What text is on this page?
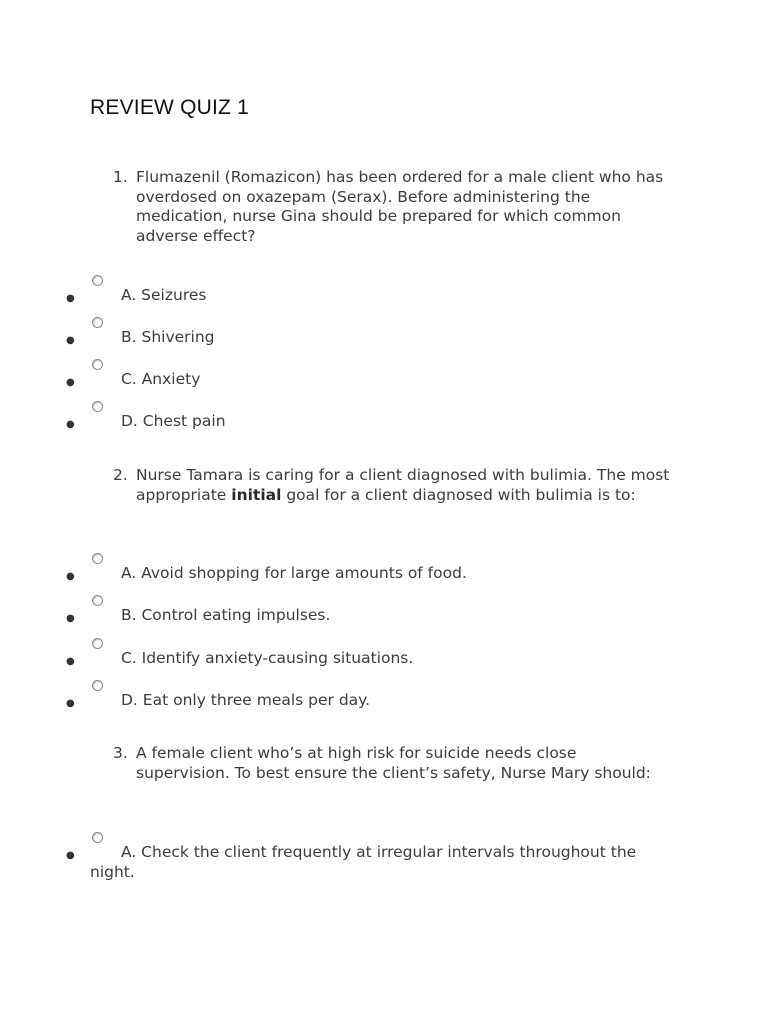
REVIEW QUIZ 1
1. Flumazenil (Romazicon) has been ordered for a male client who has overdosed on oxazepam (Serax). Before administering the medication, nurse Gina should be prepared for which common adverse effect?
●	A. Seizures
●	B. Shivering
●	C. Anxiety
●	D. Chest pain
2. Nurse Tamara is caring for a client diagnosed with bulimia. The most appropriate initial goal for a client diagnosed with bulimia is to:
●	A. Avoid shopping for large amounts of food.
●	B. Control eating impulses.
●	C. Identify anxiety-causing situations.
●	D. Eat only three meals per day.
3. A female client who’s at high risk for suicide needs close supervision. To best ensure the client’s safety, Nurse Mary should:
●	A. Check the client frequently at irregular intervals throughout the night.
